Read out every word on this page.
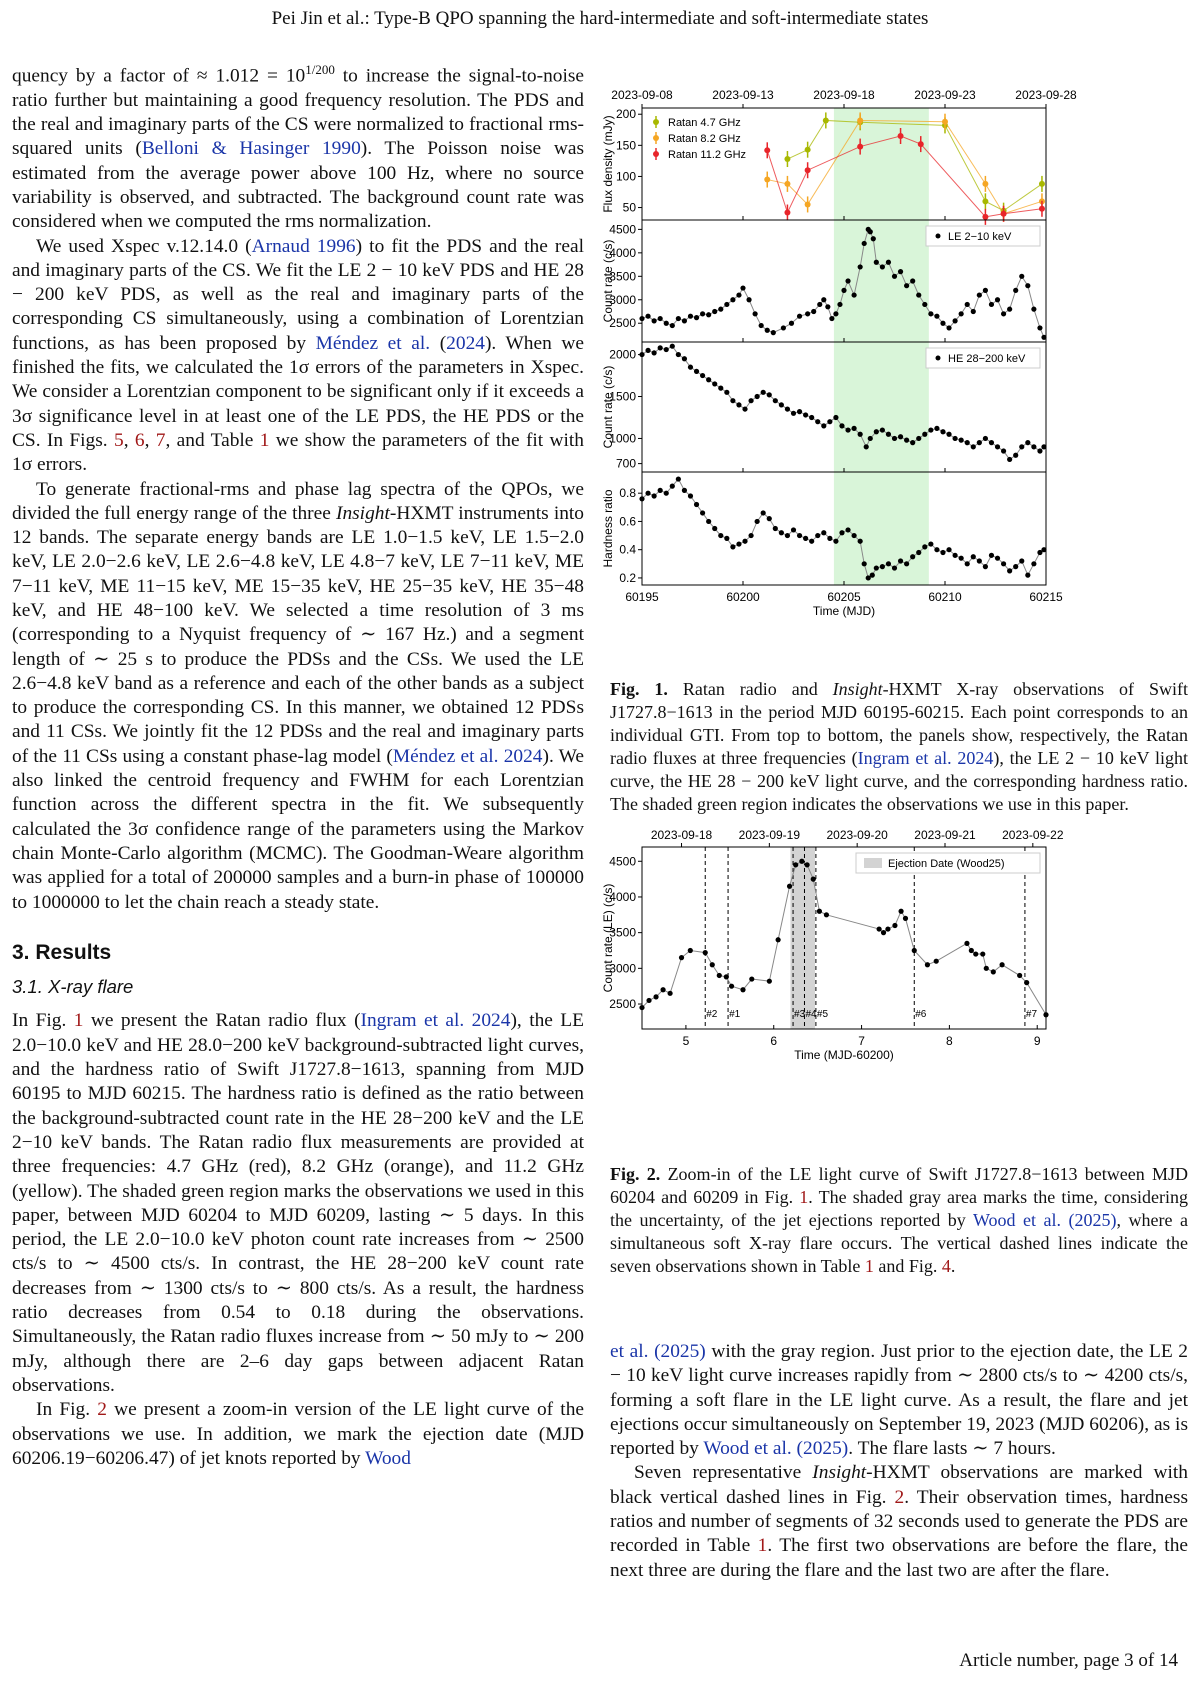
Pei Jin et al.: Type-B QPO spanning the hard-intermediate and soft-intermediate states

quency by a factor of ≈ $1.012 = 10^{1/200}$ to increase the signal-to-noise ratio further but maintaining a good frequency resolution. The PDS and the real and imaginary parts of the CS were normalized to fractional rms-squared units (Belloni & Hasinger 1990). The Poisson noise was estimated from the average power above 100 Hz, where no source variability is observed, and subtracted. The background count rate was considered when we computed the rms normalization.

We used Xspec v.12.14.0 (Arnaud 1996) to fit the PDS and the real and imaginary parts of the CS. We fit the LE 2 − 10 keV PDS and HE 28 − 200 keV PDS, as well as the real and imaginary parts of the corresponding CS simultaneously, using a combination of Lorentzian functions, as has been proposed by Méndez et al. (2024). When we finished the fits, we calculated the 1σ errors of the parameters in Xspec. We consider a Lorentzian component to be significant only if it exceeds a 3σ significance level in at least one of the LE PDS, the HE PDS or the CS. In Figs. 5, 6, 7, and Table 1 we show the parameters of the fit with 1σ errors.

To generate fractional-rms and phase lag spectra of the QPOs, we divided the full energy range of the three Insight-HXMT instruments into 12 bands. The separate energy bands are LE 1.0−1.5 keV, LE 1.5−2.0 keV, LE 2.0−2.6 keV, LE 2.6−4.8 keV, LE 4.8−7 keV, LE 7−11 keV, ME 7−11 keV, ME 11−15 keV, ME 15−35 keV, HE 25−35 keV, HE 35−48 keV, and HE 48−100 keV. We selected a time resolution of 3 ms (corresponding to a Nyquist frequency of ∼ 167 Hz.) and a segment length of ∼ 25 s to produce the PDSs and the CSs. We used the LE 2.6−4.8 keV band as a reference and each of the other bands as a subject to produce the corresponding CS. In this manner, we obtained 12 PDSs and 11 CSs. We jointly fit the 12 PDSs and the real and imaginary parts of the 11 CSs using a constant phase-lag model (Méndez et al. 2024). We also linked the centroid frequency and FWHM for each Lorentzian function across the different spectra in the fit. We subsequently calculated the 3σ confidence range of the parameters using the Markov chain Monte-Carlo algorithm (MCMC). The Goodman-Weare algorithm was applied for a total of 200000 samples and a burn-in phase of 100000 to 1000000 to let the chain reach a steady state.

3. Results
3.1. X-ray flare

In Fig. 1 we present the Ratan radio flux (Ingram et al. 2024), the LE 2.0−10.0 keV and HE 28.0−200 keV background-subtracted light curves, and the hardness ratio of Swift J1727.8−1613, spanning from MJD 60195 to MJD 60215. The hardness ratio is defined as the ratio between the background-subtracted count rate in the HE 28−200 keV and the LE 2−10 keV bands. The Ratan radio flux measurements are provided at three frequencies: 4.7 GHz (red), 8.2 GHz (orange), and 11.2 GHz (yellow). The shaded green region marks the observations we used in this paper, between MJD 60204 to MJD 60209, lasting ∼ 5 days. In this period, the LE 2.0−10.0 keV photon count rate increases from ∼ 2500 cts/s to ∼ 4500 cts/s. In contrast, the HE 28−200 keV count rate decreases from ∼ 1300 cts/s to ∼ 800 cts/s. As a result, the hardness ratio decreases from 0.54 to 0.18 during the observations. Simultaneously, the Ratan radio fluxes increase from ∼ 50 mJy to ∼ 200 mJy, although there are 2–6 day gaps between adjacent Ratan observations.

In Fig. 2 we present a zoom-in version of the LE light curve of the observations we use. In addition, we mark the ejection date (MJD 60206.19−60206.47) of jet knots reported by Wood

2023-09-08	2023-09-13	2023-09-18	2023-09-23	2023-09-28
50
100
150
200
Flux density (mJy)	Ratan 4.7 GHz
Ratan 8.2 GHz
Ratan 11.2 GHz
2500
3000
3500
4000
4500
Count rate (c/s)
LE 2−10 keV
700
1000
1500
2000
Count rate (c/s)
HE 28−200 keV
0.2
0.4
0.6
0.8
Hardness ratio
60195	60200	60205	60210	60215
Time (MJD)
Fig. 1. Ratan radio and Insight-HXMT X-ray observations of Swift J1727.8−1613 in the period MJD 60195-60215. Each point corresponds to an individual GTI. From top to bottom, the panels show, respectively, the Ratan radio fluxes at three frequencies (Ingram et al. 2024), the LE 2 − 10 keV light curve, the HE 28 − 200 keV light curve, and the corresponding hardness ratio. The shaded green region indicates the observations we use in this paper.
2023-09-18 2023-09-19 2023-09-20 2023-09-21 2023-09-22
2500
3000
3500
4000
4500
5	6	7	8	9
Time (MJD-60200)
Count rate (LE) (c/s)
#2 #1	#3 #4 #5	#6	#7
Ejection Date (Wood25)
Fig. 2. Zoom-in of the LE light curve of Swift J1727.8−1613 between MJD 60204 and 60209 in Fig. 1. The shaded gray area marks the time, considering the uncertainty, of the jet ejections reported by Wood et al. (2025), where a simultaneous soft X-ray flare occurs. The vertical dashed lines indicate the seven observations shown in Table 1 and Fig. 4.

et al. (2025) with the gray region. Just prior to the ejection date, the LE 2 − 10 keV light curve increases rapidly from ∼ 2800 cts/s to ∼ 4200 cts/s, forming a soft flare in the LE light curve. As a result, the flare and jet ejections occur simultaneously on September 19, 2023 (MJD 60206), as is reported by Wood et al. (2025). The flare lasts ∼ 7 hours.

Seven representative Insight-HXMT observations are marked with black vertical dashed lines in Fig. 2. Their observation times, hardness ratios and number of segments of 32 seconds used to generate the PDS are recorded in Table 1. The first two observations are before the flare, the next three are during the flare and the last two are after the flare.

Article number, page 3 of 14
